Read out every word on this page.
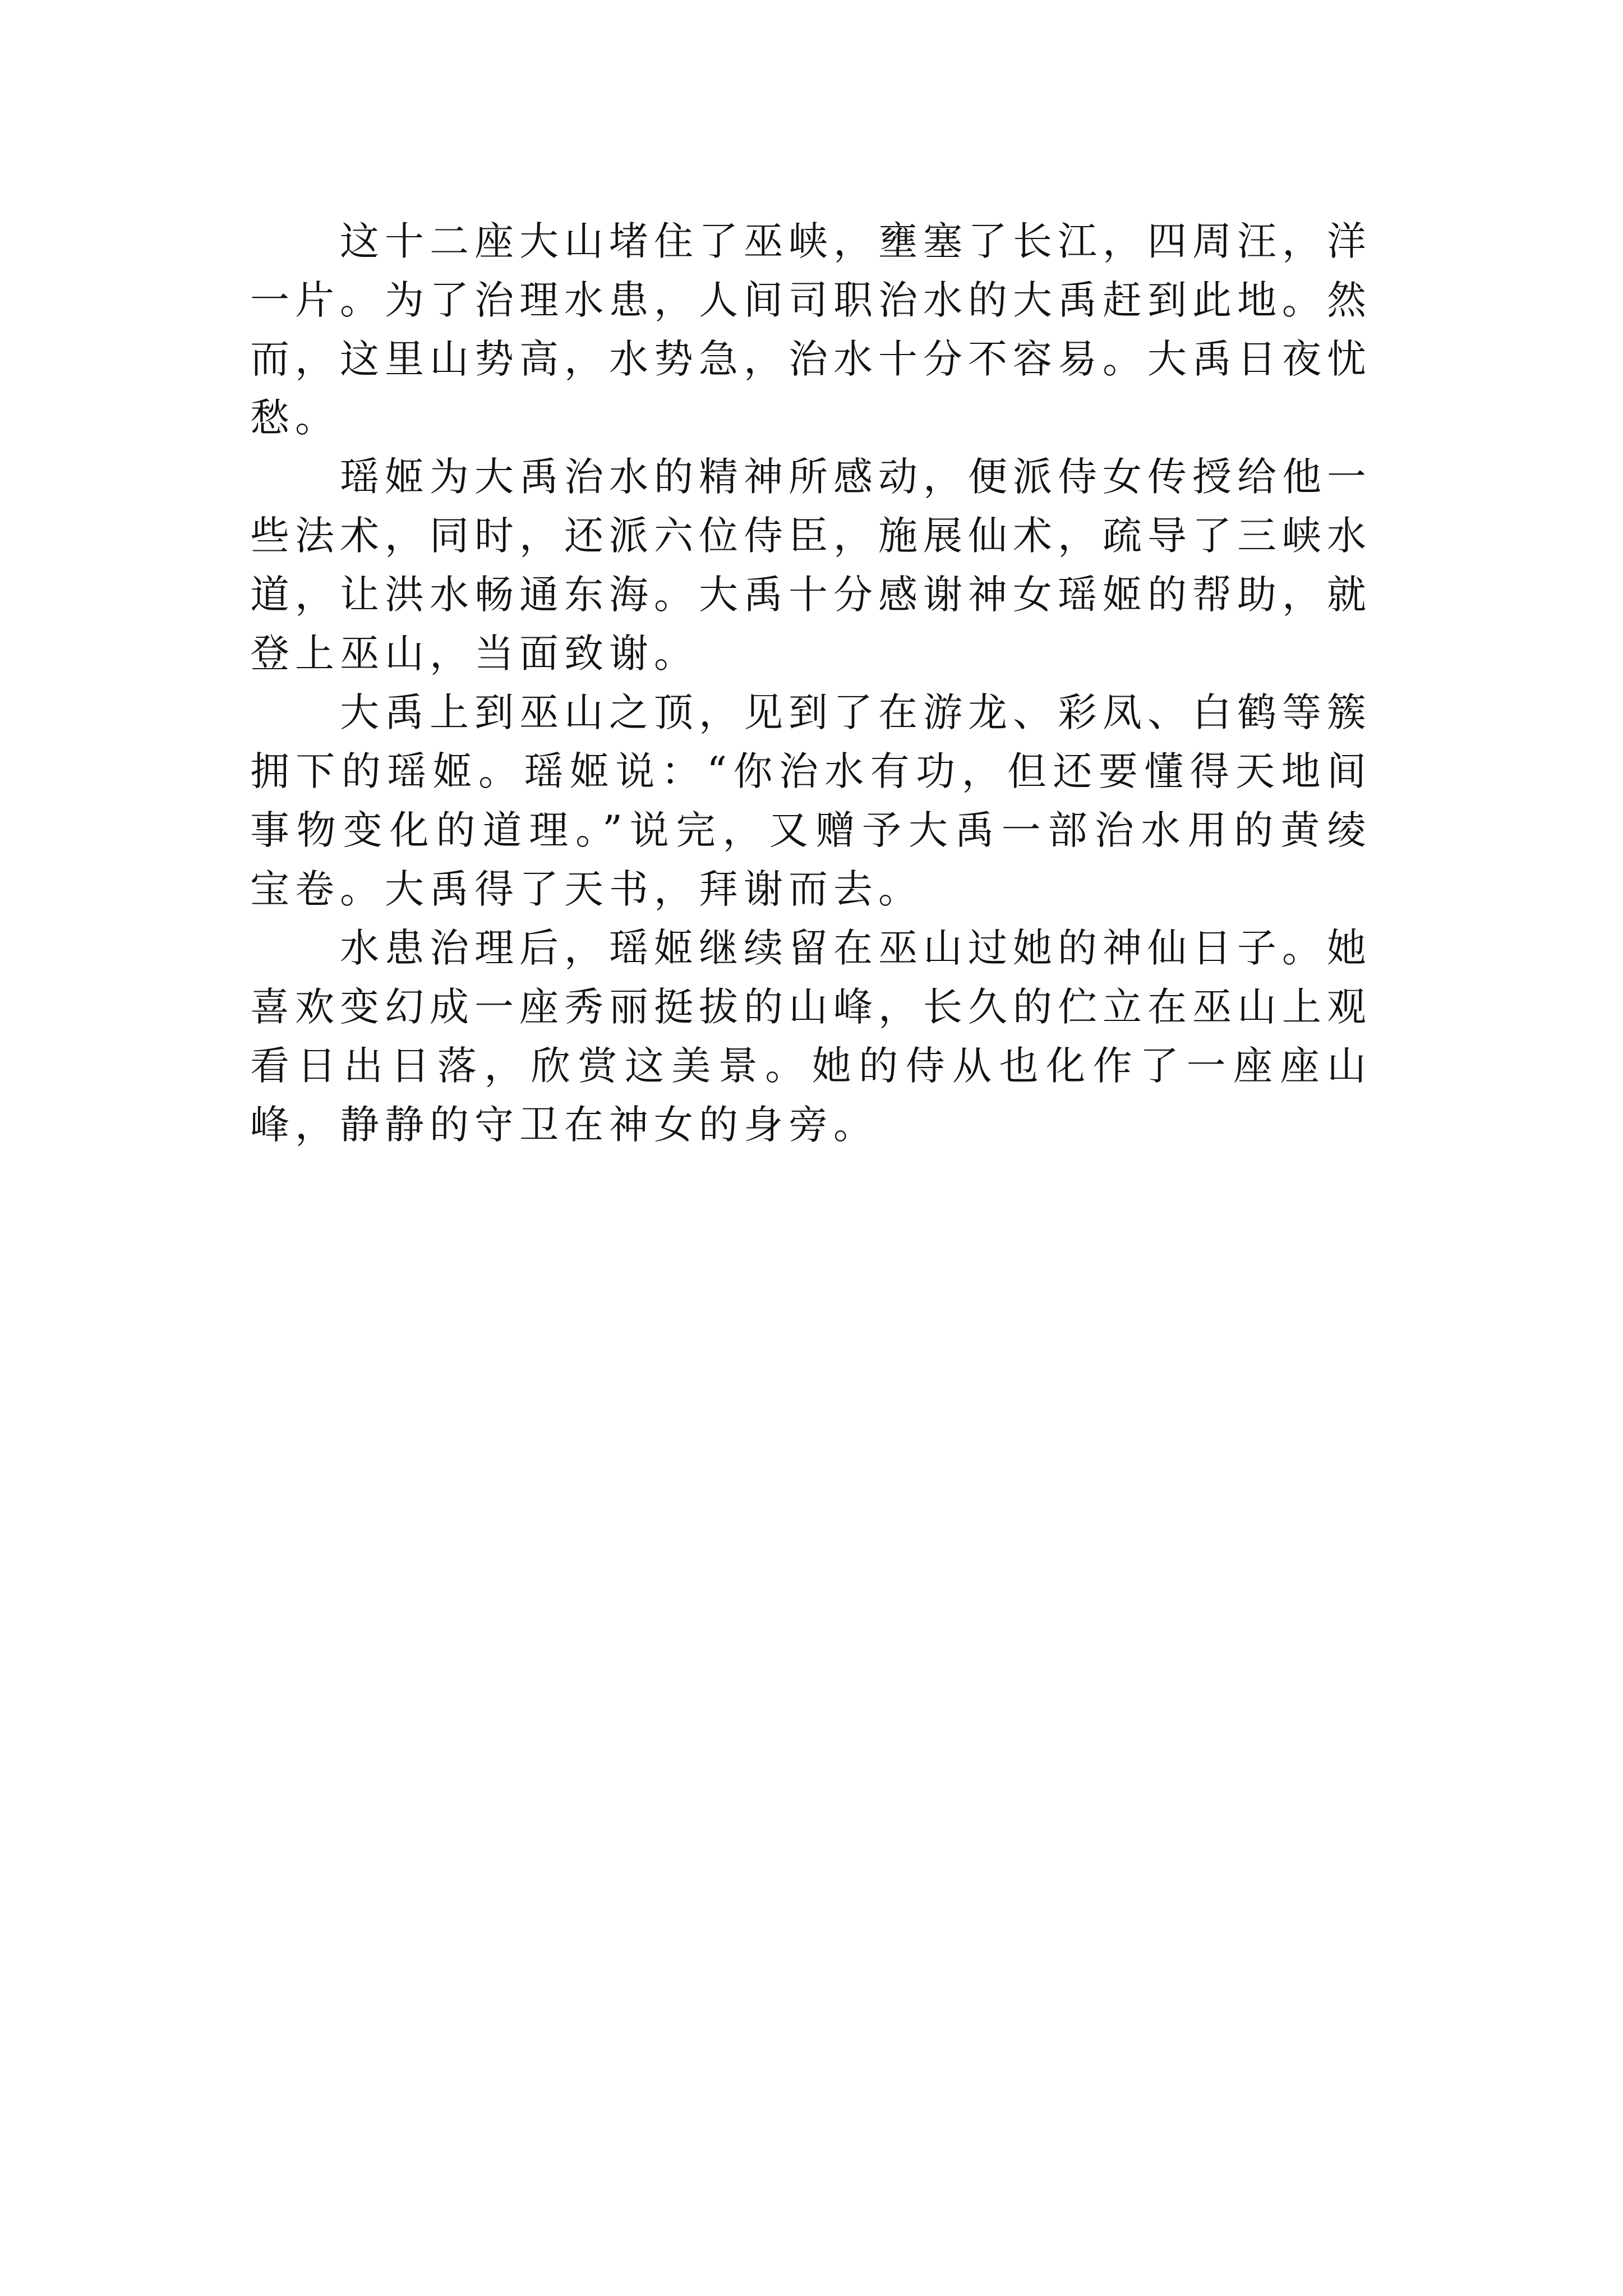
这十二座大山堵住了巫峡，壅塞了长江，四周汪，洋一片。为了治理水患，人间司职治水的大禹赶到此地。然而，这里山势高，水势急，治水十分不容易。大禹日夜忧愁。

瑶姬为大禹治水的精神所感动，便派侍女传授给他一些法术，同时，还派六位侍臣，施展仙术，疏导了三峡水道，让洪水畅通东海。大禹十分感谢神女瑶姬的帮助，就登上巫山，当面致谢。

大禹上到巫山之顶，见到了在游龙、彩凤、白鹤等簇拥下的瑶姬。瑶姬说：“你治水有功，但还要懂得天地间事物变化的道理。”说完，又赠予大禹一部治水用的黄绫宝卷。大禹得了天书，拜谢而去。

水患治理后，瑶姬继续留在巫山过她的神仙日子。她喜欢变幻成一座秀丽挺拔的山峰，长久的伫立在巫山上观看日出日落，欣赏这美景。她的侍从也化作了一座座山峰，静静的守卫在神女的身旁。
